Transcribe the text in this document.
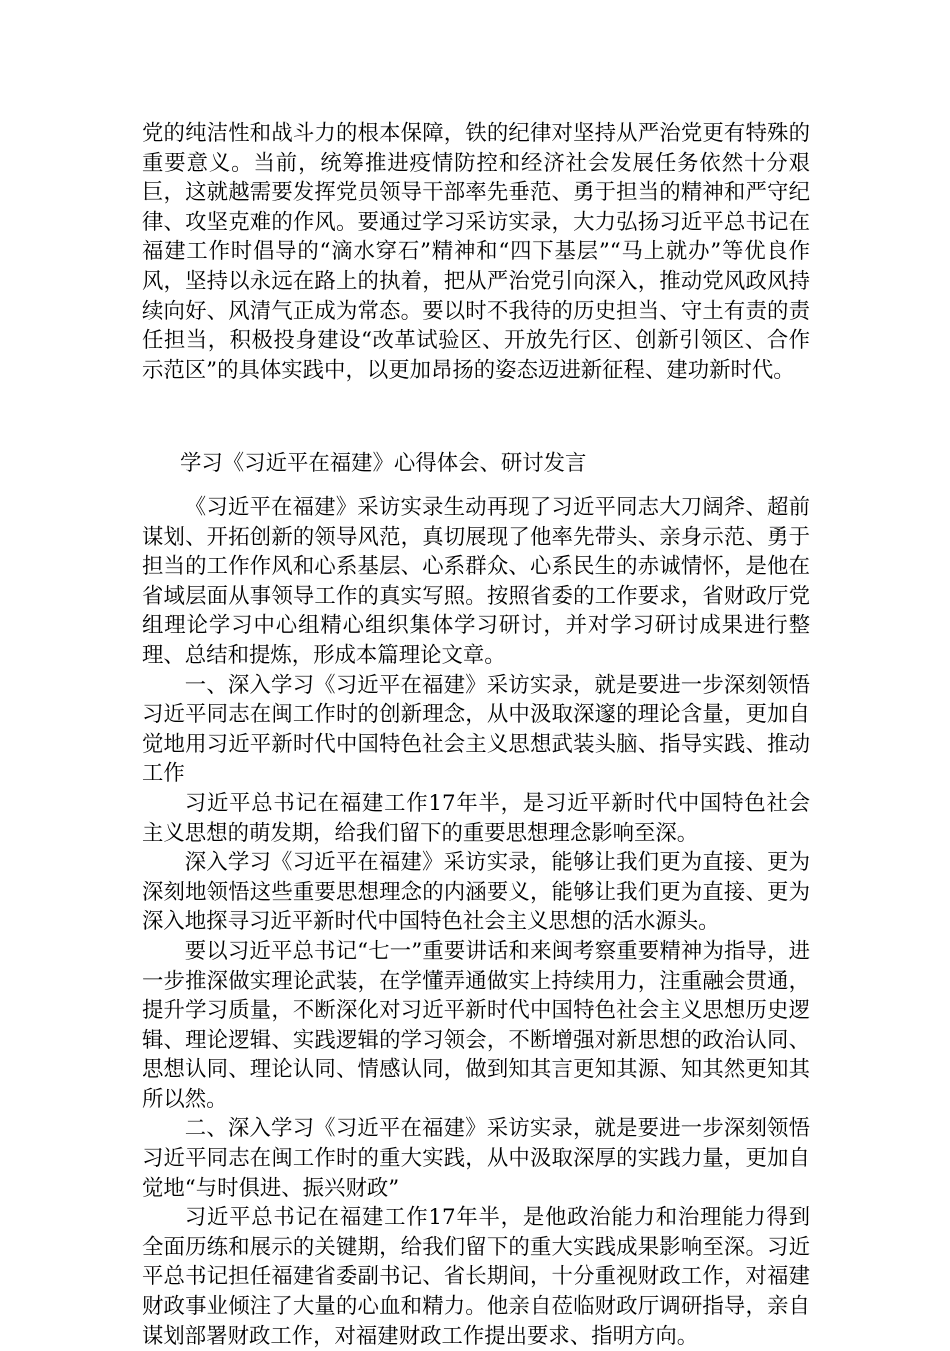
党的纯洁性和战斗力的根本保障，铁的纪律对坚持从严治党更有特殊的重要意义。当前，统筹推进疫情防控和经济社会发展任务依然十分艰巨，这就越需要发挥党员领导干部率先垂范、勇于担当的精神和严守纪律、攻坚克难的作风。要通过学习采访实录，大力弘扬习近平总书记在福建工作时倡导的“滴水穿石”精神和“四下基层”“马上就办”等优良作风，坚持以永远在路上的执着，把从严治党引向深入，推动党风政风持续向好、风清气正成为常态。要以时不我待的历史担当、守土有责的责任担当，积极投身建设“改革试验区、开放先行区、创新引领区、合作示范区”的具体实践中，以更加昂扬的姿态迈进新征程、建功新时代。

学习《习近平在福建》心得体会、研讨发言

《习近平在福建》采访实录生动再现了习近平同志大刀阔斧、超前谋划、开拓创新的领导风范，真切展现了他率先带头、亲身示范、勇于担当的工作作风和心系基层、心系群众、心系民生的赤诚情怀，是他在省域层面从事领导工作的真实写照。按照省委的工作要求，省财政厅党组理论学习中心组精心组织集体学习研讨，并对学习研讨成果进行整理、总结和提炼，形成本篇理论文章。

一、深入学习《习近平在福建》采访实录，就是要进一步深刻领悟习近平同志在闽工作时的创新理念，从中汲取深邃的理论含量，更加自觉地用习近平新时代中国特色社会主义思想武装头脑、指导实践、推动工作

习近平总书记在福建工作17年半，是习近平新时代中国特色社会主义思想的萌发期，给我们留下的重要思想理念影响至深。

深入学习《习近平在福建》采访实录，能够让我们更为直接、更为深刻地领悟这些重要思想理念的内涵要义，能够让我们更为直接、更为深入地探寻习近平新时代中国特色社会主义思想的活水源头。

要以习近平总书记“七一”重要讲话和来闽考察重要精神为指导，进一步推深做实理论武装，在学懂弄通做实上持续用力，注重融会贯通，提升学习质量，不断深化对习近平新时代中国特色社会主义思想历史逻辑、理论逻辑、实践逻辑的学习领会，不断增强对新思想的政治认同、思想认同、理论认同、情感认同，做到知其言更知其源、知其然更知其所以然。

二、深入学习《习近平在福建》采访实录，就是要进一步深刻领悟习近平同志在闽工作时的重大实践，从中汲取深厚的实践力量，更加自觉地“与时俱进、振兴财政”

习近平总书记在福建工作17年半，是他政治能力和治理能力得到全面历练和展示的关键期，给我们留下的重大实践成果影响至深。习近平总书记担任福建省委副书记、省长期间，十分重视财政工作，对福建财政事业倾注了大量的心血和精力。他亲自莅临财政厅调研指导，亲自谋划部署财政工作，对福建财政工作提出要求、指明方向。
